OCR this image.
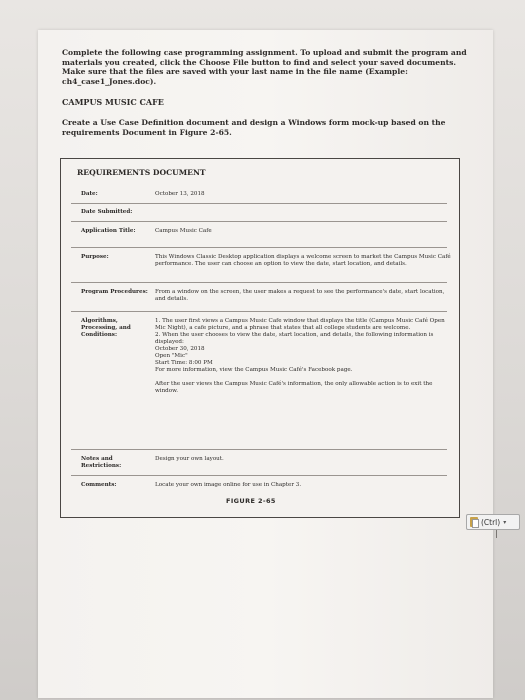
Complete the following case programming assignment. To upload and submit the program and materials you created, click the Choose File button to find and select your saved documents. Make sure that the files are saved with your last name in the file name (Example: ch4_case1_Jones.doc).
CAMPUS MUSIC CAFE
Create a Use Case Definition document and design a Windows form mock-up based on the requirements Document in Figure 2-65.
REQUIREMENTS DOCUMENT
Date:	October 13, 2018
Date Submitted:
Application Title:	Campus Music Cafe
Purpose:	This Windows Classic Desktop application displays a welcome screen to market the Campus Music Café performance. The user can choose an option to view the date, start location, and details.
Program Procedures:	From a window on the screen, the user makes a request to see the performance's date, start location, and details.
Algorithms, Processing, and Conditions:
1. The user first views a Campus Music Cafe window that displays the title (Campus Music Café Open Mic Night), a cafe picture, and a phrase that states that all college students are welcome.
2. When the user chooses to view the date, start location, and details, the following information is displayed:
October 30, 2018
Open "Mic"
Start Time: 8:00 PM
For more information, view the Campus Music Café's Facebook page.

After the user views the Campus Music Café's information, the only allowable action is to exit the window.
Notes and Restrictions:
Design your own layout.
Comments:	Locate your own image online for use in Chapter 3.
FIGURE 2-65
(Ctrl) ▾
